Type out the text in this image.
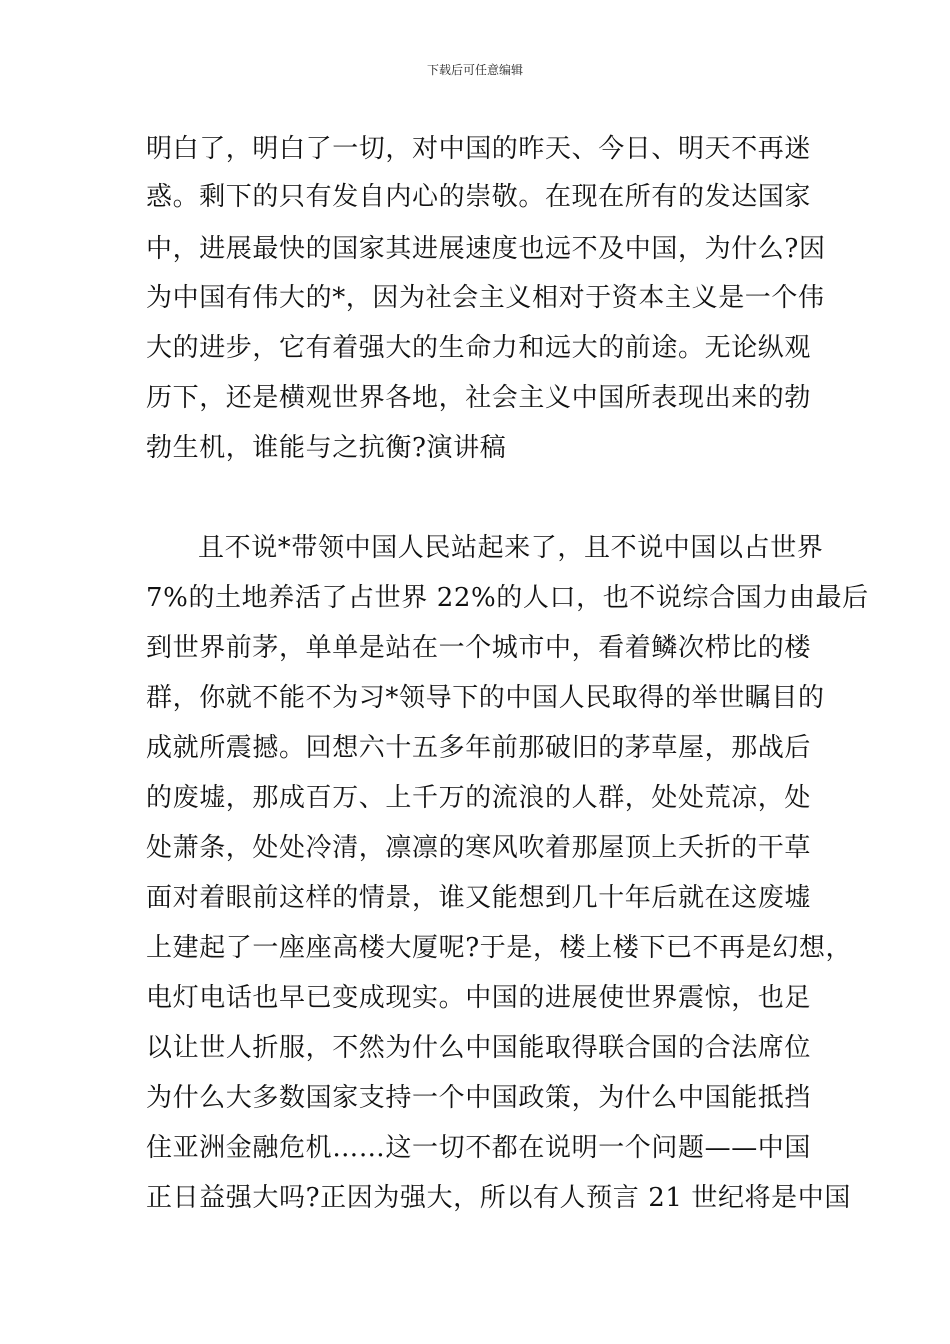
下载后可任意编辑
明白了，明白了一切，对中国的昨天、今日、明天不再迷
惑。剩下的只有发自内心的崇敬。在现在所有的发达国家
中，进展最快的国家其进展速度也远不及中国，为什么?因
为中国有伟大的*，因为社会主义相对于资本主义是一个伟
大的进步，它有着强大的生命力和远大的前途。无论纵观
历下，还是横观世界各地，社会主义中国所表现出来的勃
勃生机，谁能与之抗衡?演讲稿
且不说*带领中国人民站起来了，且不说中国以占世界
7%的土地养活了占世界 22%的人口，也不说综合国力由最后
到世界前茅，单单是站在一个城市中，看着鳞次栉比的楼
群，你就不能不为习*领导下的中国人民取得的举世瞩目的
成就所震撼。回想六十五多年前那破旧的茅草屋，那战后
的废墟，那成百万、上千万的流浪的人群，处处荒凉，处
处萧条，处处冷清，凛凛的寒风吹着那屋顶上夭折的干草
面对着眼前这样的情景，谁又能想到几十年后就在这废墟
上建起了一座座高楼大厦呢?于是，楼上楼下已不再是幻想，
电灯电话也早已变成现实。中国的进展使世界震惊，也足
以让世人折服，不然为什么中国能取得联合国的合法席位
为什么大多数国家支持一个中国政策，为什么中国能抵挡
住亚洲金融危机……这一切不都在说明一个问题——中国
正日益强大吗?正因为强大，所以有人预言 21 世纪将是中国
